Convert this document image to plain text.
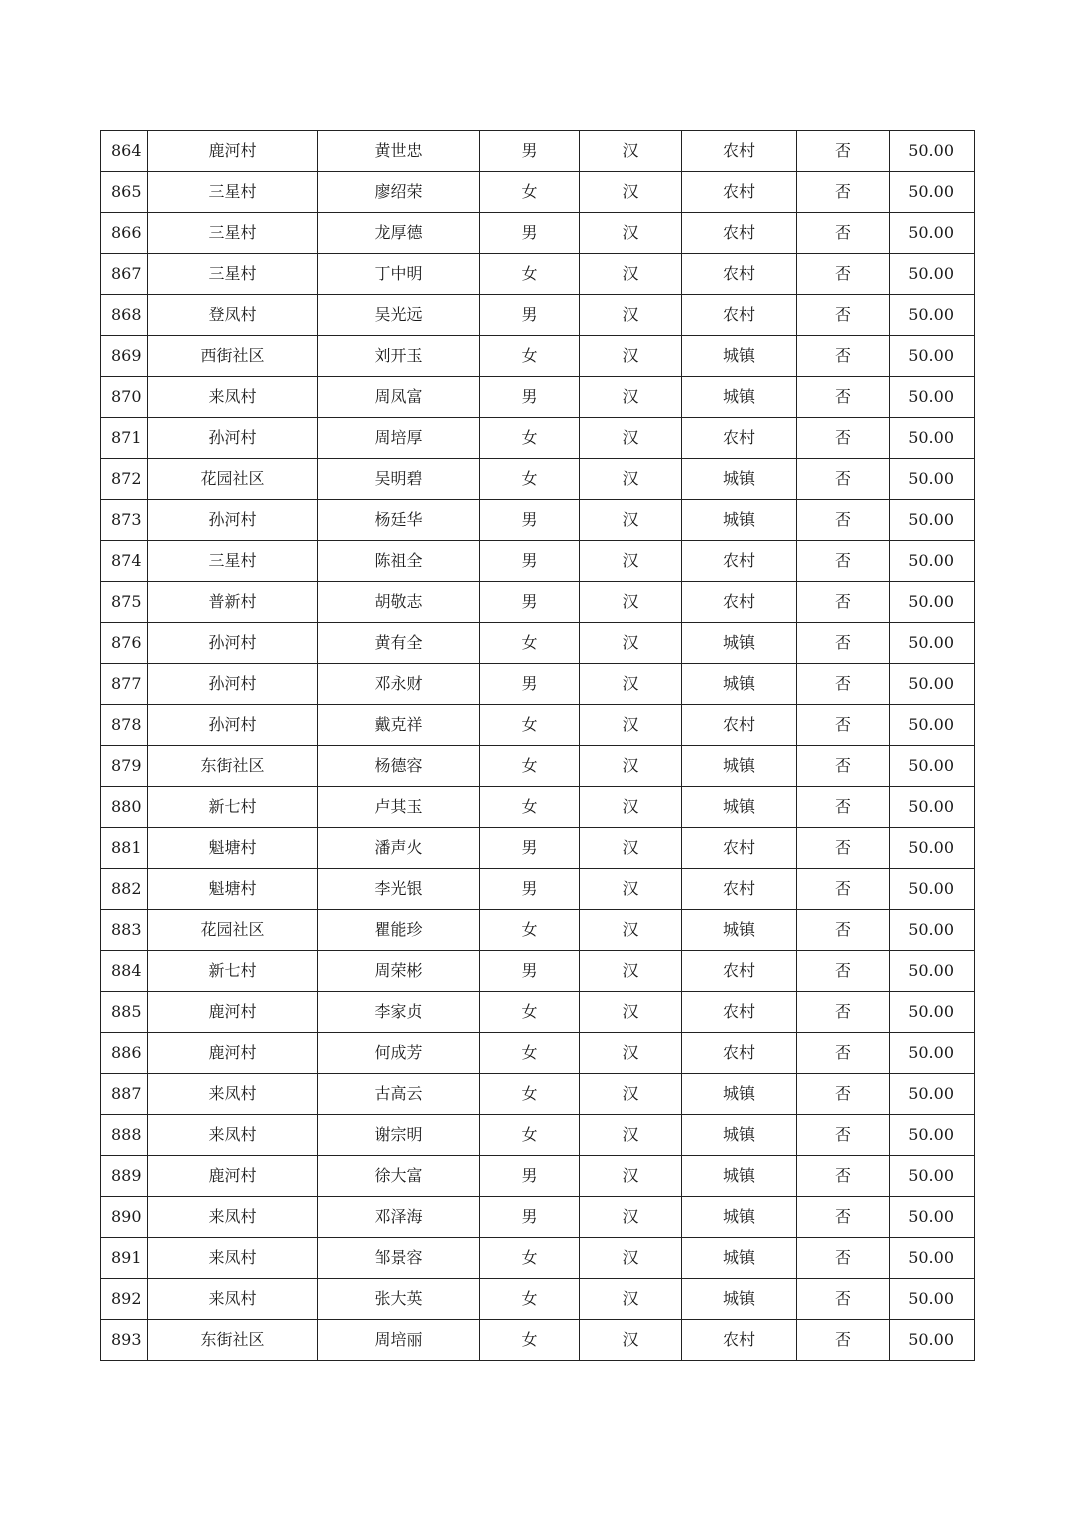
864	鹿河村	黄世忠	男	汉	农村	否	50.00
865	三星村	廖绍荣	女	汉	农村	否	50.00
866	三星村	龙厚德	男	汉	农村	否	50.00
867	三星村	丁中明	女	汉	农村	否	50.00
868	登凤村	吴光远	男	汉	农村	否	50.00
869	西街社区	刘开玉	女	汉	城镇	否	50.00
870	来凤村	周凤富	男	汉	城镇	否	50.00
871	孙河村	周培厚	女	汉	农村	否	50.00
872	花园社区	吴明碧	女	汉	城镇	否	50.00
873	孙河村	杨廷华	男	汉	城镇	否	50.00
874	三星村	陈祖全	男	汉	农村	否	50.00
875	普新村	胡敬志	男	汉	农村	否	50.00
876	孙河村	黄有全	女	汉	城镇	否	50.00
877	孙河村	邓永财	男	汉	城镇	否	50.00
878	孙河村	戴克祥	女	汉	农村	否	50.00
879	东街社区	杨德容	女	汉	城镇	否	50.00
880	新七村	卢其玉	女	汉	城镇	否	50.00
881	魁塘村	潘声火	男	汉	农村	否	50.00
882	魁塘村	李光银	男	汉	农村	否	50.00
883	花园社区	瞿能珍	女	汉	城镇	否	50.00
884	新七村	周荣彬	男	汉	农村	否	50.00
885	鹿河村	李家贞	女	汉	农村	否	50.00
886	鹿河村	何成芳	女	汉	农村	否	50.00
887	来凤村	古高云	女	汉	城镇	否	50.00
888	来凤村	谢宗明	女	汉	城镇	否	50.00
889	鹿河村	徐大富	男	汉	城镇	否	50.00
890	来凤村	邓泽海	男	汉	城镇	否	50.00
891	来凤村	邹景容	女	汉	城镇	否	50.00
892	来凤村	张大英	女	汉	城镇	否	50.00
893	东街社区	周培丽	女	汉	农村	否	50.00
